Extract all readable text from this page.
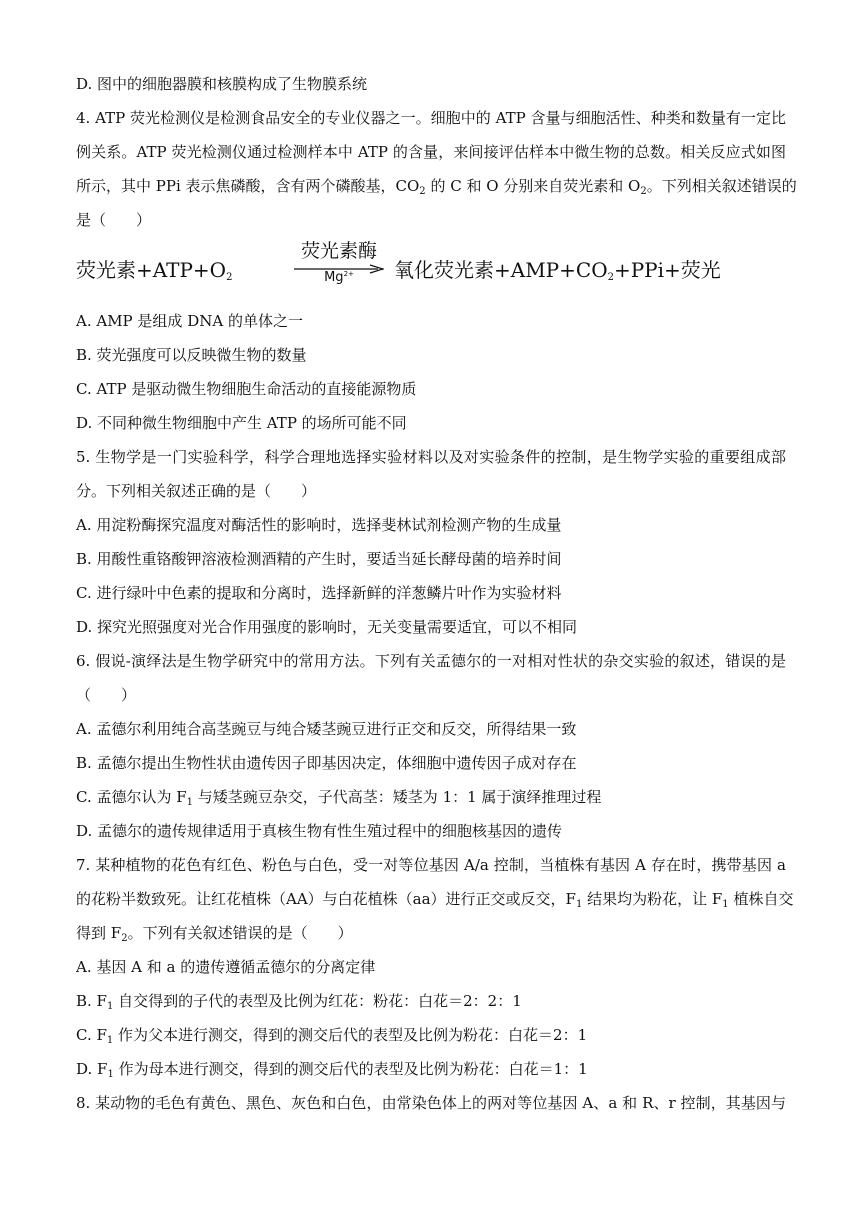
D. 图中的细胞器膜和核膜构成了生物膜系统
4. ATP 荧光检测仪是检测食品安全的专业仪器之一。细胞中的 ATP 含量与细胞活性、种类和数量有一定比
例关系。ATP 荧光检测仪通过检测样本中 ATP 的含量，来间接评估样本中微生物的总数。相关反应式如图
所示，其中 PPi 表示焦磷酸，含有两个磷酸基，$CO_2$ 的 C 和 O 分别来自荧光素和 $O_2$。下列相关叙述错误的
是（　　）
荧光素$+ATP+O_2$
荧光素酶
$Mg^{2+}$	氧化荧光素$+AMP+CO_2+PPi+$荧光
A. AMP 是组成 DNA 的单体之一
B. 荧光强度可以反映微生物的数量
C. ATP 是驱动微生物细胞生命活动的直接能源物质
D. 不同种微生物细胞中产生 ATP 的场所可能不同
5. 生物学是一门实验科学，科学合理地选择实验材料以及对实验条件的控制，是生物学实验的重要组成部
分。下列相关叙述正确的是（　　）
A. 用淀粉酶探究温度对酶活性的影响时，选择斐林试剂检测产物的生成量
B. 用酸性重铬酸钾溶液检测酒精的产生时，要适当延长酵母菌的培养时间
C. 进行绿叶中色素的提取和分离时，选择新鲜的洋葱鳞片叶作为实验材料
D. 探究光照强度对光合作用强度的影响时，无关变量需要适宜，可以不相同
6. 假说-演绎法是生物学研究中的常用方法。下列有关孟德尔的一对相对性状的杂交实验的叙述，错误的是
（　　）
A. 孟德尔利用纯合高茎豌豆与纯合矮茎豌豆进行正交和反交，所得结果一致
B. 孟德尔提出生物性状由遗传因子即基因决定，体细胞中遗传因子成对存在
C. 孟德尔认为 $F_1$ 与矮茎豌豆杂交，子代高茎：矮茎为 1：1 属于演绎推理过程
D. 孟德尔的遗传规律适用于真核生物有性生殖过程中的细胞核基因的遗传
7. 某种植物的花色有红色、粉色与白色，受一对等位基因 A/a 控制，当植株有基因 A 存在时，携带基因 a
的花粉半数致死。让红花植株（AA）与白花植株（aa）进行正交或反交，$F_1$ 结果均为粉花，让 $F_1$ 植株自交
得到 $F_2$。下列有关叙述错误的是（　　）
A. 基因 A 和 a 的遗传遵循孟德尔的分离定律
B. $F_1$ 自交得到的子代的表型及比例为红花：粉花：白花＝2：2：1
C. $F_1$ 作为父本进行测交，得到的测交后代的表型及比例为粉花：白花＝2：1
D. $F_1$ 作为母本进行测交，得到的测交后代的表型及比例为粉花：白花＝1：1
8. 某动物的毛色有黄色、黑色、灰色和白色，由常染色体上的两对等位基因 A、a 和 R、r 控制，其基因与
